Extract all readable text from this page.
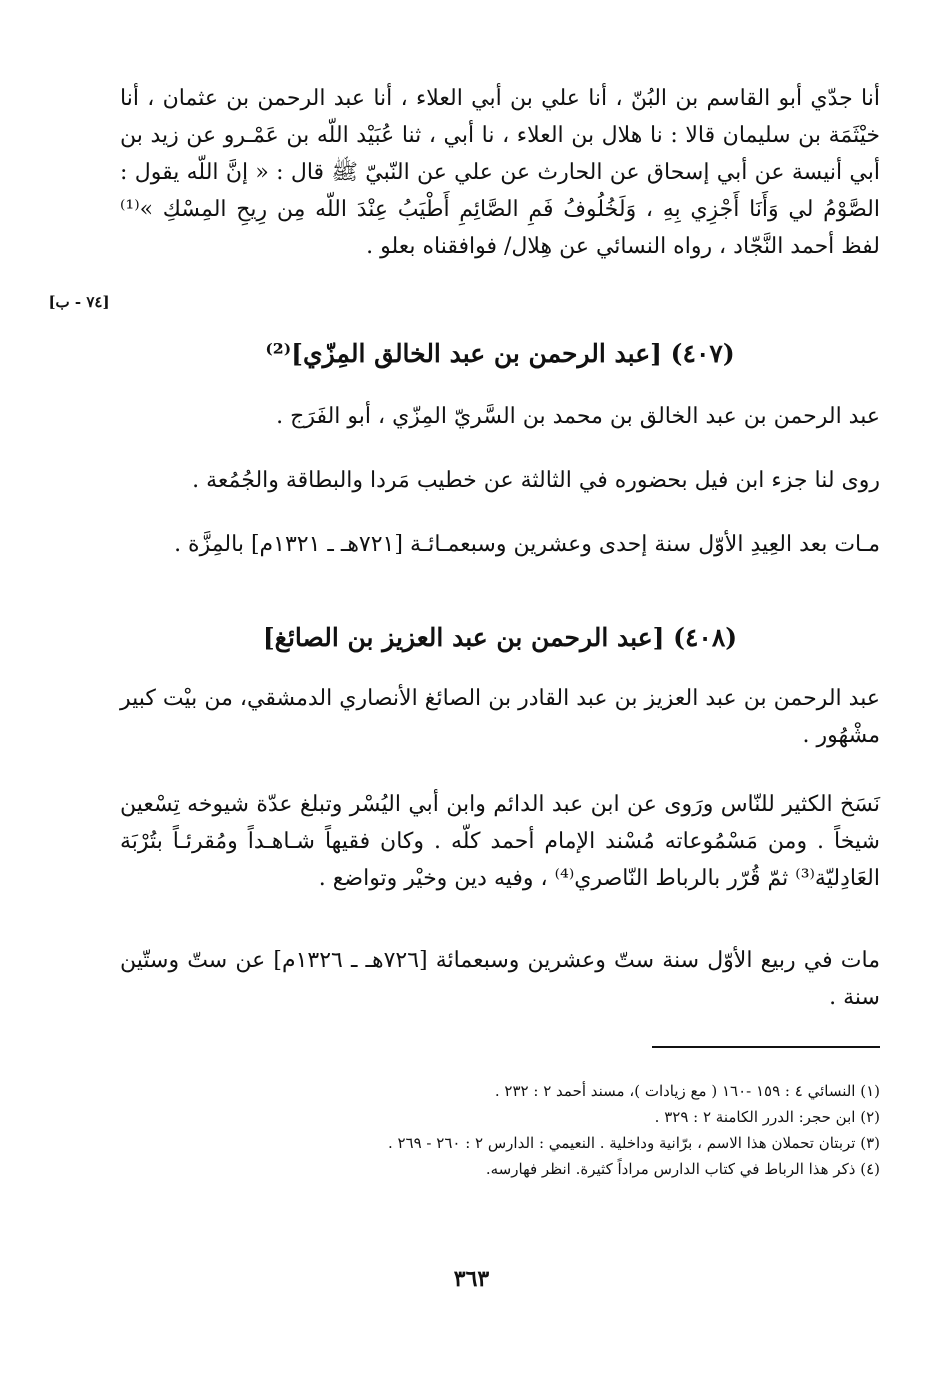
[٧٤ - ب]

أنا جدّي أبو القاسم بن البُنّ ، أنا علي بن أبي العلاء ، أنا عبد الرحمن بن عثمان ، أنا خيْثَمَة بن سليمان قالا : نا هلال بن العلاء ، نا أبي ، ثنا عُبَيْد اللّه بن عَمْـرو عن زيد بن أبي أنيسة عن أبي إسحاق عن الحارث عن علي عن النّبيّ ﷺ قال : « إنَّ اللّه يقول : الصَّوْمُ لي وَأَنَا أَجْزِي بِهِ ، وَلَخُلُوفُ فَمِ الصَّائِمِ أَطْيَبُ عِنْدَ اللّه مِن رِيحِ المِسْكِ »⁽¹⁾ لفظ أحمد النَّجّاد ، رواه النسائي عن هِلال/ فوافقناه بعلو .

(٤٠٧) [عبد الرحمن بن عبد الخالق المِزّي]⁽²⁾

عبد الرحمن بن عبد الخالق بن محمد بن السَّريّ المِزّي ، أبو الفَرَج .

روى لنا جزء ابن فيل بحضوره في الثالثة عن خطيب مَردا والبطاقة والجُمُعة .

مـات بعد العِيدِ الأوّل سنة إحدى وعشرين وسبعمـائـة [٧٢١هـ ـ ١٣٢١م] بالمِزَّة .

(٤٠٨) [عبد الرحمن بن عبد العزيز بن الصائغ]

عبد الرحمن بن عبد العزيز بن عبد القادر بن الصائغ الأنصاري الدمشقي، من بيْت كبير مشْهُور .

نَسَخ الكثير للنّاس ورَوى عن ابن عبد الدائم وابن أبي اليُسْر وتبلغ عدّة شيوخه تِسْعين شيخاً . ومن مَسْمُوعاته مُسْند الإمام أحمد كلّه . وكان فقيهاً شـاهـداً ومُقرئـاً بتُرْبَة العَادِليّة⁽³⁾ ثمّ قُرّر بالرباط النّاصري⁽⁴⁾ ، وفيه دين وخيْر وتواضع .

مات في ربيع الأوّل سنة ستّ وعشرين وسبعمائة [٧٢٦هـ ـ ١٣٢٦م] عن ستّ وستّين سنة .

(١) النسائي ٤ : ١٥٩ -١٦٠ ( مع زيادات )، مسند أحمد ٢ : ٢٣٢ .

(٢) ابن حجر: الدرر الكامنة ٢ : ٣٢٩ .

(٣) تربتان تحملان هذا الاسم ، برّانية وداخلية . النعيمي : الدارس ٢ : ٢٦٠ - ٢٦٩ .

(٤) ذكر هذا الرباط في كتاب الدارس مراداً كثيرة. انظر فهارسه.

٣٦٣
